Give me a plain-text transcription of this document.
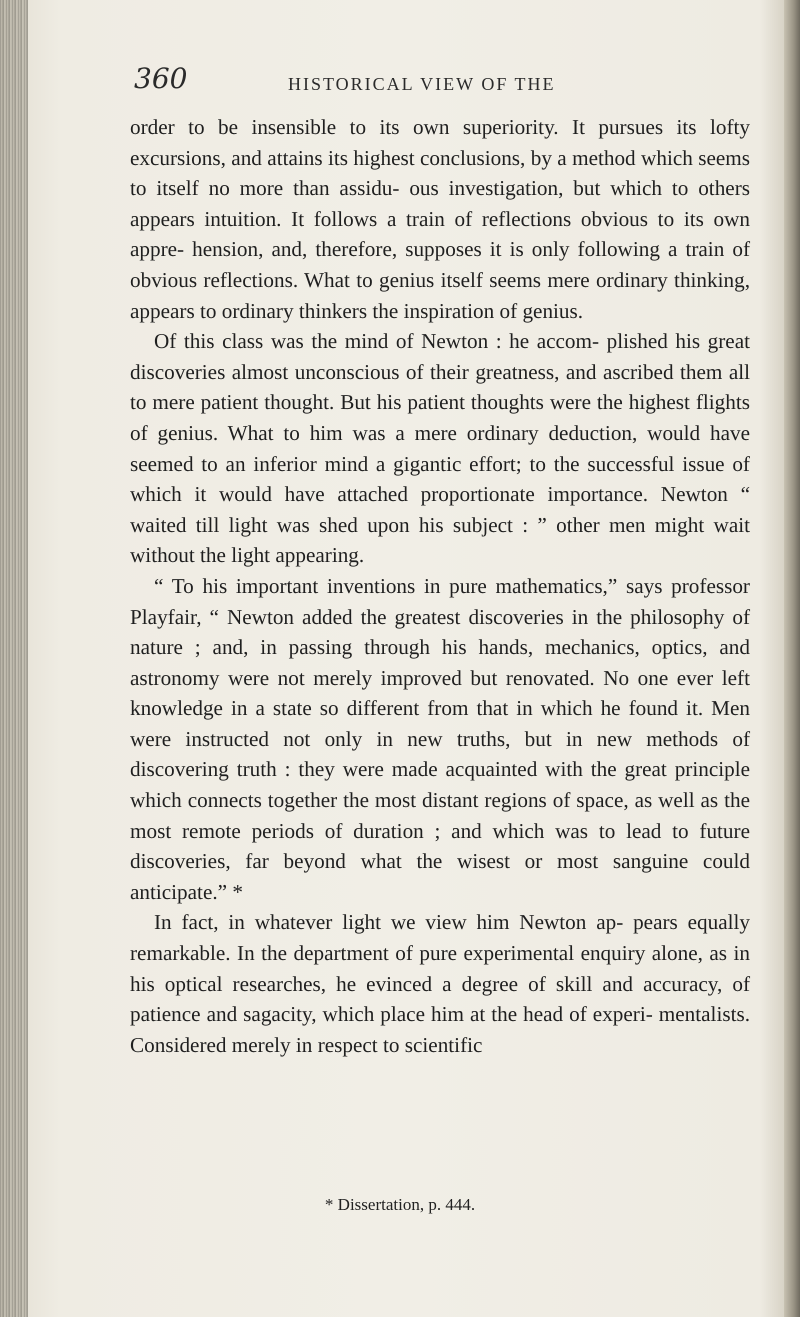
360	HISTORICAL VIEW OF THE

order to be insensible to its own superiority. It pursues its lofty excursions, and attains its highest conclusions, by a method which seems to itself no more than assidu- ous investigation, but which to others appears intuition. It follows a train of reflections obvious to its own appre- hension, and, therefore, supposes it is only following a train of obvious reflections. What to genius itself seems mere ordinary thinking, appears to ordinary thinkers the inspiration of genius.

Of this class was the mind of Newton : he accom- plished his great discoveries almost unconscious of their greatness, and ascribed them all to mere patient thought. But his patient thoughts were the highest flights of genius. What to him was a mere ordinary deduction, would have seemed to an inferior mind a gigantic effort; to the successful issue of which it would have attached proportionate importance. Newton “ waited till light was shed upon his subject : ” other men might wait without the light appearing.

“ To his important inventions in pure mathematics,” says professor Playfair, “ Newton added the greatest discoveries in the philosophy of nature ; and, in passing through his hands, mechanics, optics, and astronomy were not merely improved but renovated. No one ever left knowledge in a state so different from that in which he found it. Men were instructed not only in new truths, but in new methods of discovering truth : they were made acquainted with the great principle which connects together the most distant regions of space, as well as the most remote periods of duration ; and which was to lead to future discoveries, far beyond what the wisest or most sanguine could anticipate.” *

In fact, in whatever light we view him Newton ap- pears equally remarkable. In the department of pure experimental enquiry alone, as in his optical researches, he evinced a degree of skill and accuracy, of patience and sagacity, which place him at the head of experi- mentalists. Considered merely in respect to scientific

* Dissertation, p. 444.
